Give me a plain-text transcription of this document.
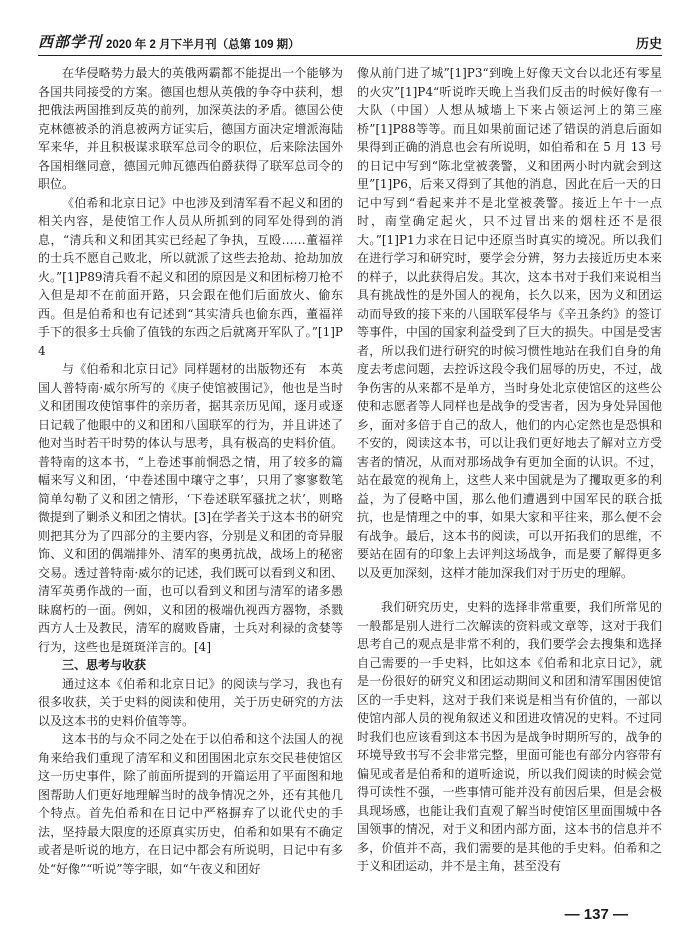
西部学刊 2020 年 2 月下半月刊（总第 109 期）	历史

在华侵略势力最大的英俄两霸都不能提出一个能够为各国共同接受的方案。德国也想从英俄的争夺中获利，想把俄法两国推到反英的前列，加深英法的矛盾。德国公使克林德被杀的消息被两方证实后，德国方面决定增派海陆军来华，并且积极谋求联军总司令的职位，后来除法国外各国相继同意，德国元帅瓦德西伯爵获得了联军总司令的职位。

《伯希和北京日记》中也涉及到清军看不起义和团的相关内容，是使馆工作人员从所抓到的同军处得到的消息，“清兵和义和团其实已经起了争执，互殴……董福祥的士兵不愿自己败北，所以就派了这些去抢劫、抢劫加放火。”[1]P89清兵看不起义和团的原因是义和团标榜刀枪不入但是却不在前面开路，只会跟在他们后面放火、偷东西。但是伯希和也有记述到“其实清兵也偷东西，董福祥手下的很多士兵偷了值钱的东西之后就离开军队了。”[1]P4

与《伯希和北京日记》同样题材的出版物还有　本英国人普特南·威尔所写的《庚子使馆被围记》，他也是当时义和团围攻使馆事件的亲历者，据其亲历见闻，逐月或逐日记载了他眼中的义和团和八国联军的行为，并且讲述了他对当时若干时势的体认与思考，具有极高的史料价值。普特南的这本书，“上卷述事前恫恐之情，用了较多的篇幅来写义和团，‘中卷述围中瓖守之事’，只用了寥寥数笔简单勾勒了义和团之情形，‘下卷述联军骚扰之状’，则略微提到了剿杀义和团之情状。[3]在学者关于这本书的研究则把其分为了四部分的主要内容，分别是义和团的奇异服饰、义和团的偶端排外、清军的奥勇抗战，战场上的秘密交易。透过普特南·威尔的记述，我们既可以看到义和团、清军英勇作战的一面，也可以看到义和团与清军的诸多愚昧腐朽的一面。例如，义和团的极端仇视西方器物，杀戮西方人士及教民，清军的腐败昏庸，士兵对利禄的贪婪等行为，这些也是斑斑洋言的。[4]

三、思考与收获

通过这本《伯希和北京日记》的阅读与学习，我也有很多收获，关于史料的阅读和使用，关于历史研究的方法以及这本书的史料价值等等。

这本书的与众不同之处在于以伯希和这个法国人的视角来给我们重现了清军和义和团围困北京东交民巷使馆区这一历史事件，除了前面所提到的开篇运用了平面图和地图帮助人们更好地理解当时的战争情况之外，还有其他几个特点。首先伯希和在日记中严格摒弃了以讹代史的手法，坚持最大限度的还原真实历史，伯希和如果有不确定或者是听说的地方，在日记中都会有所说明，日记中有多处“好像”“听说”等字眼，如“午夜义和团好

像从前门进了城”[1]P3“到晚上好像天文台以北还有零星的火灾”[1]P4“听说昨天晚上当我们反击的时候好像有一大队（中国）人想从城墙上下来占领运河上的第三座桥”[1]P88等等。而且如果前面记述了错误的消息后面如果得到正确的消息也会有所说明，如伯希和在 5 月 13 号的日记中写到“陈北堂被袭警，义和团两小时内就会到这里”[1]P6，后来又得到了其他的消息，因此在后一天的日记中写到“看起来并不是北堂被袭警。接近上午十一点时，南堂确定起火，只不过冒出来的烟柱还不是很大。”[1]P1力求在日记中还原当时真实的境况。所以我们在进行学习和研究时，要学会分辨，努力去接近历史本来的样子，以此获得启发。其次，这本书对于我们来说相当具有挑战性的是外国人的视角，长久以来，因为义和团运动而导致的接下来的八国联军侵华与《辛丑条约》的签订等事件，中国的国家利益受到了巨大的损失。中国是受害者，所以我们进行研究的时候习惯性地站在我们自身的角度去考虑问题，去控诉这段令我们屈辱的历史，不过，战争伤害的从来都不是单方，当时身处北京使馆区的这些公使和志愿者等人同样也是战争的受害者，因为身处异国他乡，面对多倍于自己的敌人，他们的内心定然也是恐惧和不安的，阅读这本书，可以让我们更好地去了解对立方受害者的情况，从而对那场战争有更加全面的认识。不过，站在最宽的视角上，这些人来中国就是为了攫取更多的利益，为了侵略中国，那么他们遭遇到中国军民的联合抵抗，也是情理之中的事，如果大家和平往来，那么便不会有战争。最后，这本书的阅读，可以开拓我们的思维，不要站在固有的印象上去评判这场战争，而是要了解得更多以及更加深刻，这样才能加深我们对于历史的理解。

我们研究历史，史料的选择非常重要，我们所常见的一般都是别人进行二次解读的资料或文章等，这对于我们思考自己的观点是非常不利的，我们要学会去搜集和选择自己需要的一手史料，比如这本《伯希和北京日记》，就是一份很好的研究义和团运动期间义和团和清军围困使馆区的一手史料，这对于我们来说是相当有价值的，一部以使馆内部人员的视角叙述义和团进攻情况的史料。不过同时我们也应该看到这本书因为是战争时期所写的，战争的环境导致书写不会非常完整，里面可能也有部分内容带有偏见或者是伯希和的道听途说，所以我们阅读的时候会觉得可读性不强，一些事情可能并没有前因后果，但是会极具现场感，也能让我们直观了解当时使馆区里面围城中各国领事的情况，对于义和团内部方面，这本书的信息并不多，价值并不高，我们需要的是其他的手史料。伯希和之于义和团运动，并不是主角，甚至没有

— 137 —
